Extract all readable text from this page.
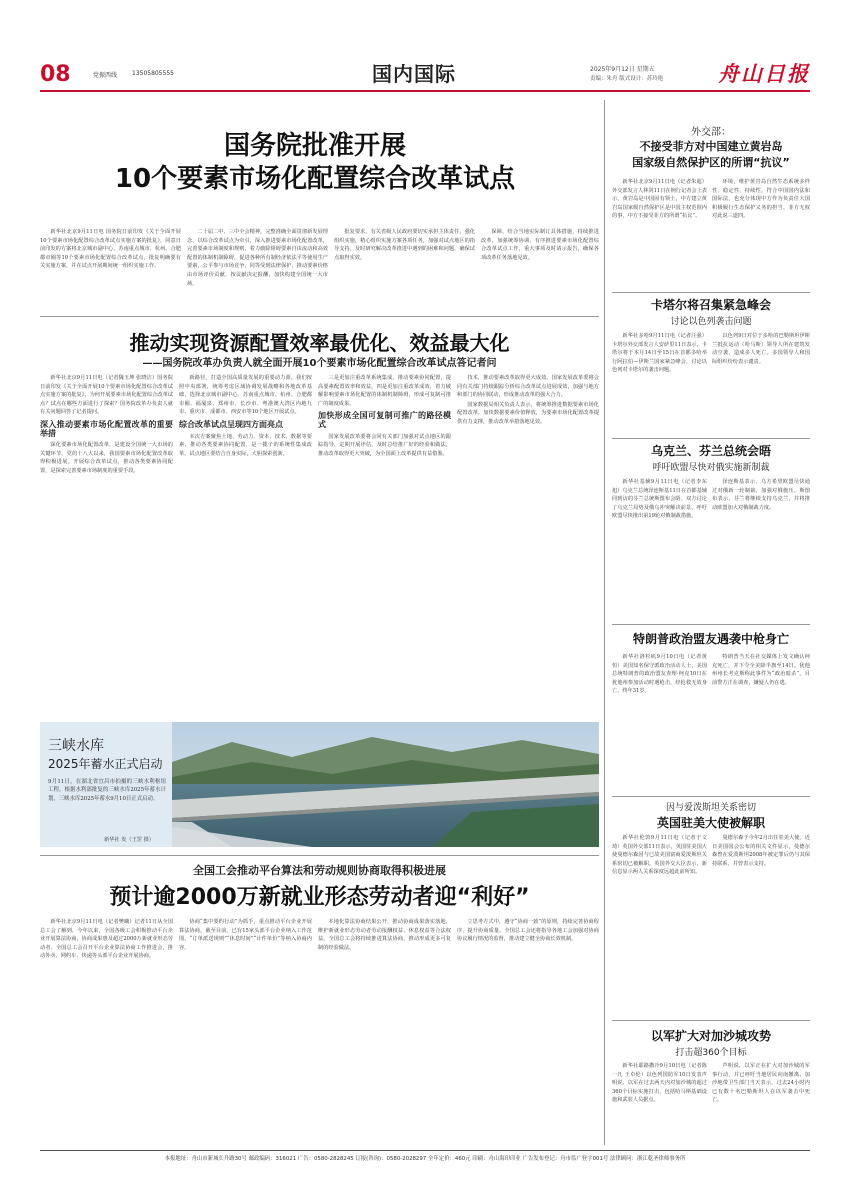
08	党振西线 13505805555	国内国际	2025年9月12日 星期五
责编：朱舟 版式设计：苏玲艳	舟山日报
国务院批准开展
10个要素市场化配置综合改革试点

新华社北京9月11日电 国务院日前印发《关于全面开展10个要素市场化配置综合改革试点实施方案的批复》，同意日前印发的方案将北京城市副中心、苏南重点城市、杭州、合肥都市圈等10个要素市场化配置综合改革试点，批复明确要有关实施方案，并在试点开展期间统一组织实施工作。

二十届二中、三中全会精神，完整准确全面贯彻新发展理念，以综合改革试点为牵引，深入推进要素市场化配置改革，完善要素市场制度和规则，着力破除阻碍要素自由流动和高效配置的体制机制障碍，促进各种所有制经济依法平等使用生产要素，公平参与市场竞争，同等受到法律保护，推动要素价格由市场评价贡献、按贡献决定报酬，加快构建全国统一大市场。

批复要求，有关省级人民政府要切实承担主体责任，强化组织实施，精心组织实施方案各项任务，加强对试点地区的指导支持，及时研究解决改革推进中遇到的困难和问题，确保试点取得实效。

保障，结合当地实际制订具体措施，持续推进改革，加强统筹协调，有序推进要素市场化配置综合改革试点工作，重大事项及时请示报告，确保各项改革任务落地见效。

推动实现资源配置效率最优化、效益最大化
——国务院改革办负责人就全面开展10个要素市场化配置综合改革试点答记者问

新华社北京9月11日电（记者魏玉坤 张晓洁）国务院日前印发《关于全面开展10个要素市场化配置综合改革试点实施方案的批复》，为何开展要素市场化配置综合改革试点？试点在哪些方面进行了探索？国务院改革办负责人就有关问题回答了记者提问。

深入推动要素市场化配置改革的重要举措

深化要素市场化配置改革，是建设全国统一大市场的关键环节。党的十八大以来，我国要素市场化配置改革取得积极进展。开展综合改革试点，推动各类要素协同配置，是探索完善要素市场制度的重要手段。

新路径，打造全国高质量发展的重要动力源。我们按照中央部署，统筹考虑区域协调发展战略和各地改革基础，选择北京城市副中心、苏南重点城市、杭州、合肥都市圈、福厦泉、郑州市、长沙市、粤港澳大湾区内地九市、重庆市、成都市、西安市等10个地区开展试点。

综合改革试点呈现四方面亮点

本次方案聚焦土地、劳动力、资本、技术、数据等要素，推动各类要素协同配置，是一揽子的系统性集成改革。试点地区要结合自身实际，大胆探索创新。

三是更加注重改革系统集成，推动要素协同配置，提高要素配置效率和效益。四是更加注重改革成效，着力破解影响要素市场化配置的体制机制障碍，形成可复制可推广的制度成果。

加快形成全国可复制可推广的路径模式

国家发展改革委将会同有关部门加强对试点地区的跟踪指导，定期开展评估，及时总结推广好的经验和做法，推动改革取得更大突破，为全国面上改革提供有益借鉴。

技术，推动要素改革取得更大成效。国家发展改革委将会同有关部门持续跟踪分析综合改革试点进展成效，加强与地方和部门的协同联动，形成推动改革的强大合力。

国家数据局相关负责人表示，将统筹推进数据要素市场化配置改革，加快数据要素价值释放，为要素市场化配置改革提供有力支撑，推动改革举措落地见效。

三峡水库
2025年蓄水正式启动
9月11日，在湖北省宜昌市拍摄的三峡水利枢纽工程。根据水利部批复的三峡水库2025年蓄水计划，三峡水库2025年蓄水9月10日正式启动。
新华社 发（王罡 摄）
全国工会推动平台算法和劳动规则协商取得积极进展
预计逾2000万新就业形态劳动者迎“利好”

新华社北京9月11日电（记者樊曦）记者11日从全国总工会了解到，今年以来，全国各级工会积极推动平台企业开展算法协商，协商成果惠及超过2000万新就业形态劳动者。全国总工会召开平台企业算法协商工作推进会，推动外卖、网约车、快递等头部平台企业开展协商。

协商“集中要约行动”为抓手，重点推动平台企业开展算法协商。截至目前，已有15家头部平台企业纳入工作范围，“订单派送规则”“休息时间”“计件单价”等纳入协商内容。

本地化算法协商结果公开，推动协商成果落实落地，维护新就业形态劳动者劳动报酬权益、休息权益等合法权益。全国总工会将持续推进算法协商，推动形成更多可复制的经验做法。

立思考方式中，遵守“协商一致”的原则，持续完善协商程序，提升协商质量。全国总工会还将指导各地工会加强对协商协议履行情况的监督，推动建立健全协商长效机制。

外交部：
不接受菲方对中国建立黄岩岛
国家级自然保护区的所谓“抗议”

新华社北京9月11日电（记者朱超）外交部发言人林剑11日在例行记者会上表示，黄岩岛是中国固有领土，中方建立黄岩岛国家级自然保护区是中国主权范围内的事，中方不接受菲方的所谓“抗议”。

环境，维护黄岩岛自然生态系统多样性、稳定性、持续性，符合中国国内法和国际法，也充分体现中方作为负责任大国积极履行生态保护义务的担当。菲方无权对此说三道四。

卡塔尔将召集紧急峰会
讨论以色列袭击问题

新华社多哈9月11日电（记者汪强）卡塔尔外交部发言人安萨里11日表示，卡塔尔将于本月14日至15日在首都多哈举行阿拉伯—伊斯兰国家紧急峰会，讨论以色列对卡塔尔的袭击问题。

以色列9日对位于多哈的巴勒斯坦伊斯兰抵抗运动（哈马斯）领导人所在建筑发动空袭，造成多人死亡。多国领导人和国际组织纷纷表示谴责。

乌克兰、芬兰总统会晤
呼吁欧盟尽快对俄实施新制裁

新华社基辅9月11日电（记者李东旭）乌克兰总统泽连斯基11日在首都基辅同到访的芬兰总统斯图布会晤。双方讨论了乌克兰局势及俄乌冲突解决前景，呼吁欧盟尽快推出第19轮对俄制裁措施。

泽连斯基表示，乌方希望欧盟尽快通过对俄新一轮制裁，加强对俄施压。斯图布表示，芬兰将继续支持乌克兰，并将推动欧盟加大对俄制裁力度。

特朗普政治盟友遇袭中枪身亡

新华社洛杉矶9月10日电（记者黄恒）美国知名保守派政治活动人士、美国总统特朗普的政治盟友查理·柯克10日在犹他州参加活动时遇枪击，经抢救无效身亡，终年31岁。

特朗普当天在社交媒体上发文确认柯克死亡，并下令全美降半旗至14日。犹他州州长考克斯称此事件为“政治暗杀”。目前警方正在调查，嫌疑人仍在逃。

因与爱泼斯坦关系密切
英国驻美大使被解职

新华社伦敦9月11日电（记者于文琦）英国外交部11日表示，英国驻美国大使曼德尔森因与已故美国富商爱泼斯坦关系密切已被解职。英国外交大臣表示，新信息显示两人关系深度远超此前所知。

曼德尔森于今年2月出任驻美大使。近日美国国会公布的相关文件显示，曼德尔森曾在爱泼斯坦2008年被定罪后仍与其保持联系，并曾表示支持。

以军扩大对加沙城攻势
打击超360个目标

新华社耶路撒冷9月10日电（记者陈一凡 王卓伦）以色列国防军10日发表声明说，以军在过去两天内对加沙城的超过360个目标实施打击，包括哈马斯基础设施和武装人员据点。

声明说，以军正在扩大对加沙城的军事行动，并已呼吁当地居民向南撤离。加沙地带卫生部门当天表示，过去24小时内已有数十名巴勒斯坦人在以军袭击中死亡。

本报地址：舟山市新城长升路30号 邮政编码：316021 广告：0580-2828245 订报(咨询)：0580-2028297 全年定价：460元 印刷：舟山海印印业 广告发布登记：舟市监广登字001号 法律顾问：浙江乾圣律师事务所
